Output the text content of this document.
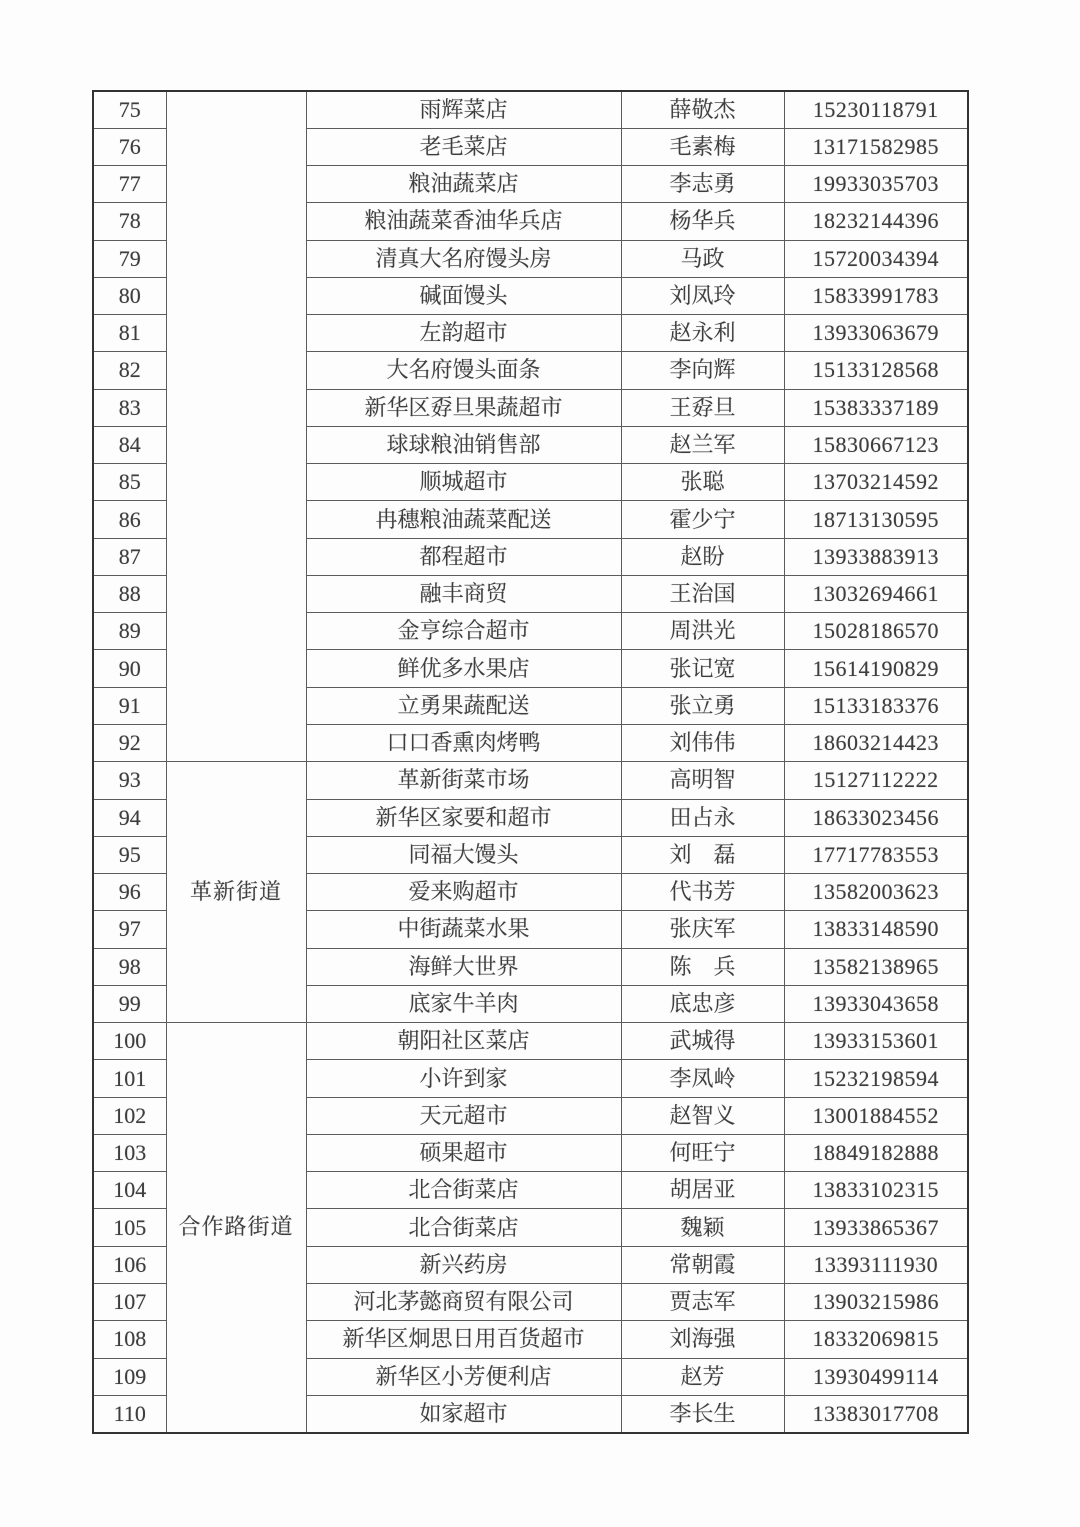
75		雨辉菜店	薛敬杰	15230118791
76		老毛菜店	毛素梅	13171582985
77		粮油蔬菜店	李志勇	19933035703
78		粮油蔬菜香油华兵店	杨华兵	18232144396
79		清真大名府馒头房	马政	15720034394
80		碱面馒头	刘凤玲	15833991783
81		左韵超市	赵永利	13933063679
82		大名府馒头面条	李向辉	15133128568
83		新华区孬旦果蔬超市	王孬旦	15383337189
84		球球粮油销售部	赵兰军	15830667123
85		顺城超市	张聪	13703214592
86		冉穗粮油蔬菜配送	霍少宁	18713130595
87		都程超市	赵盼	13933883913
88		融丰商贸	王治国	13032694661
89		金亨综合超市	周洪光	15028186570
90		鲜优多水果店	张记宽	15614190829
91		立勇果蔬配送	张立勇	15133183376
92		口口香熏肉烤鸭	刘伟伟	18603214423
93	革新街道	革新街菜市场	高明智	15127112222
94		新华区家要和超市	田占永	18633023456
95		同福大馒头	刘　磊	17717783553
96		爱来购超市	代书芳	13582003623
97		中街蔬菜水果	张庆军	13833148590
98		海鲜大世界	陈　兵	13582138965
99		底家牛羊肉	底忠彦	13933043658
100	合作路街道	朝阳社区菜店	武城得	13933153601
101		小许到家	李凤岭	15232198594
102		天元超市	赵智义	13001884552
103		硕果超市	何旺宁	18849182888
104		北合街菜店	胡居亚	13833102315
105		北合街菜店	魏颖	13933865367
106		新兴药房	常朝霞	13393111930
107		河北茅懿商贸有限公司	贾志军	13903215986
108		新华区炯思日用百货超市	刘海强	18332069815
109		新华区小芳便利店	赵芳	13930499114
110		如家超市	李长生	13383017708
